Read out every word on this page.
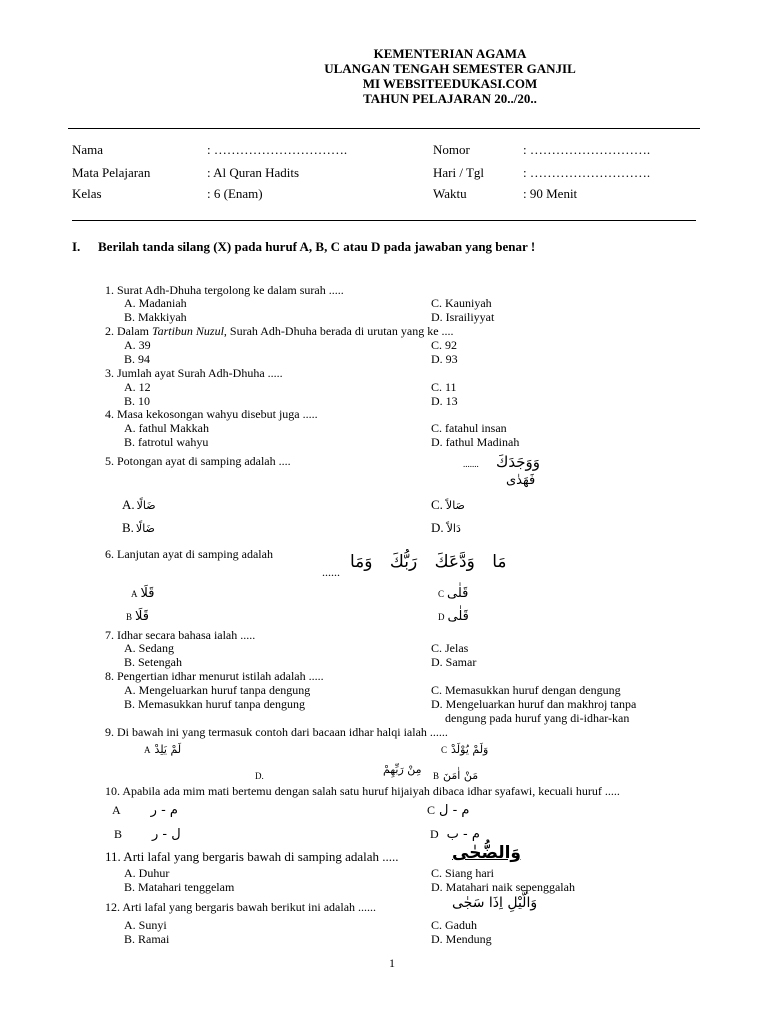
KEMENTERIAN AGAMA
ULANGAN TENGAH SEMESTER GANJIL
MI WEBSITEEDUKASI.COM
TAHUN PELAJARAN 20../20..
Nama	: ………………………….	Nomor	: ……………………….
Mata Pelajaran	: Al Quran Hadits	Hari / Tgl	: ……………………….
Kelas	: 6 (Enam)	Waktu	: 90 Menit
I. Berilah tanda silang (X) pada huruf A, B, C atau D pada jawaban yang benar !
1. Surat Adh-Dhuha tergolong ke dalam surah .....
A. Madaniah
B. Makkiyah
C. Kauniyah
D. Israiliyyat
2. Dalam Tartibun Nuzul, Surah Adh-Dhuha berada di urutan yang ke ....
A. 39
B. 94
C. 92
D. 93
3. Jumlah ayat Surah Adh-Dhuha .....
A. 12
B. 10
C. 11
D. 13
4. Masa kekosongan wahyu disebut juga .....
A. fathul Makkah
B. fatrotul wahyu
C. fatahul insan
D. fathul Madinah
5. Potongan ayat di samping adalah ....	....... وَوَجَدَكَ
فَهَدٰى
A. ضَالًا
B. ضَالًا
C. صَالاً
D. دَالاً
6. Lanjutan ayat di samping adalah
...... مَا وَدَّعَكَ رَبُّكَ وَمَا
A قَلَا
B قَلَا
C قَلٰى
D قَلٰى
7. Idhar secara bahasa ialah .....
A. Sedang
B. Setengah
C. Jelas
D. Samar
8. Pengertian idhar menurut istilah adalah .....
A. Mengeluarkan huruf tanpa dengung
B. Memasukkan huruf tanpa dengung
C. Memasukkan huruf dengan dengung
D. Mengeluarkan huruf dan makhroj tanpa
dengung pada huruf yang di-idhar-kan
9. Di bawah ini yang termasuk contoh dari bacaan idhar halqi ialah ......
A لَمْ يَلِدْ
B مَنْ اٰمَنَ
C وَلَمْ يُوْلَدْ
D.	مِنْ رَبِّهِمْ
10. Apabila ada mim mati bertemu dengan salah satu huruf hijaiyah dibaca idhar syafawi, kecuali huruf .....
A م - ر
B ل - ر
C م - ل
D م - ب
11. Arti lafal yang bergaris bawah di samping adalah .....	وَالضُّحٰى
A. Duhur
B. Matahari tenggelam
C. Siang hari
D. Matahari naik sepenggalah
12. Arti lafal yang bergaris bawah berikut ini adalah ......	وَالَّيْلِ اِذَا سَجٰى
A. Sunyi
B. Ramai
C. Gaduh
D. Mendung
1
